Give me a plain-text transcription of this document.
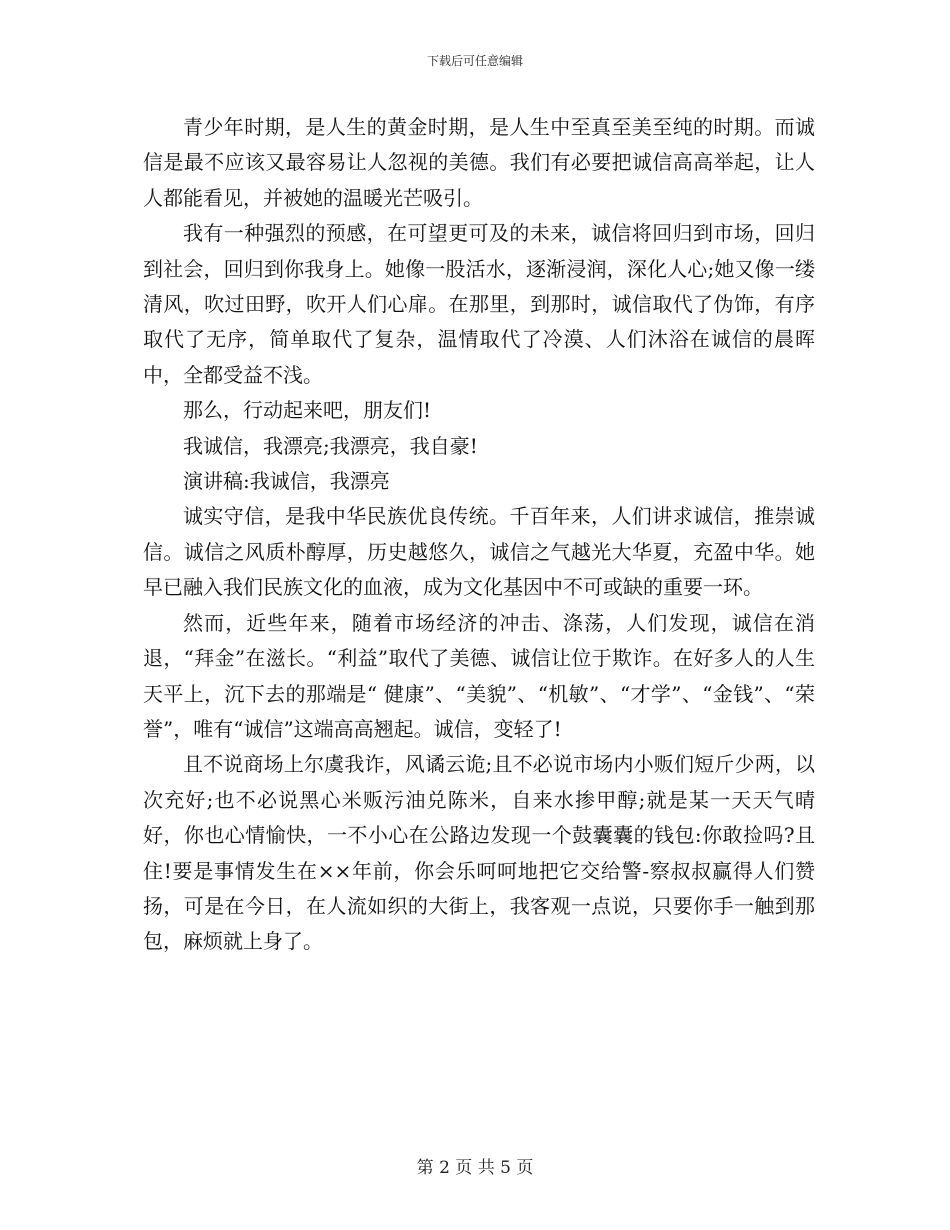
下载后可任意编辑

青少年时期，是人生的黄金时期，是人生中至真至美至纯的时期。而诚信是最不应该又最容易让人忽视的美德。我们有必要把诚信高高举起，让人人都能看见，并被她的温暖光芒吸引。

我有一种强烈的预感，在可望更可及的未来，诚信将回归到市场，回归到社会，回归到你我身上。她像一股活水，逐渐浸润，深化人心;她又像一缕清风，吹过田野，吹开人们心扉。在那里，到那时，诚信取代了伪饰，有序取代了无序，简单取代了复杂，温情取代了冷漠、人们沐浴在诚信的晨晖中，全都受益不浅。

那么，行动起来吧，朋友们!

我诚信，我漂亮;我漂亮，我自豪!

演讲稿:我诚信，我漂亮

诚实守信，是我中华民族优良传统。千百年来，人们讲求诚信，推崇诚信。诚信之风质朴醇厚，历史越悠久，诚信之气越光大华夏，充盈中华。她早已融入我们民族文化的血液，成为文化基因中不可或缺的重要一环。

然而，近些年来，随着市场经济的冲击、涤荡，人们发现，诚信在消退，“拜金”在滋长。“利益”取代了美德、诚信让位于欺诈。在好多人的人生天平上，沉下去的那端是“ 健康”、“美貌”、“机敏”、“才学”、“金钱”、“荣誉”，唯有“诚信”这端高高翘起。诚信，变轻了!

且不说商场上尔虞我诈，风谲云诡;且不必说市场内小贩们短斤少两，以次充好;也不必说黑心米贩污油兑陈米，自来水掺甲醇;就是某一天天气晴好，你也心情愉快，一不小心在公路边发现一个鼓囊囊的钱包:你敢捡吗?且住!要是事情发生在××年前，你会乐呵呵地把它交给警-察叔叔赢得人们赞扬，可是在今日，在人流如织的大街上，我客观一点说，只要你手一触到那包，麻烦就上身了。

第 2 页 共 5 页
